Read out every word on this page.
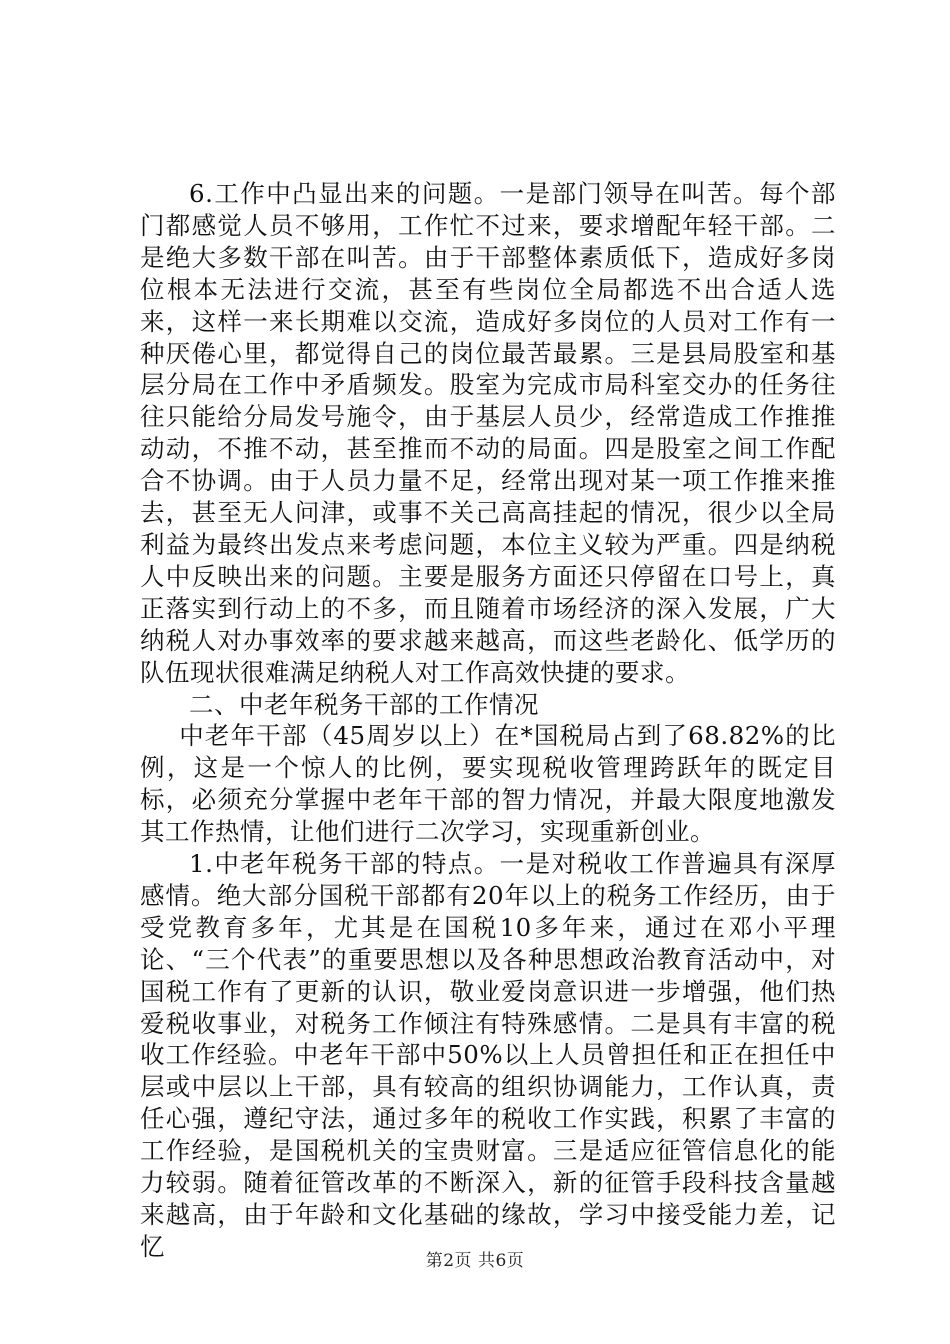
6.工作中凸显出来的问题。一是部门领导在叫苦。每个部门都感觉人员不够用，工作忙不过来，要求增配年轻干部。二是绝大多数干部在叫苦。由于干部整体素质低下，造成好多岗位根本无法进行交流，甚至有些岗位全局都选不出合适人选来，这样一来长期难以交流，造成好多岗位的人员对工作有一种厌倦心里，都觉得自己的岗位最苦最累。三是县局股室和基层分局在工作中矛盾频发。股室为完成市局科室交办的任务往往只能给分局发号施令，由于基层人员少，经常造成工作推推动动，不推不动，甚至推而不动的局面。四是股室之间工作配合不协调。由于人员力量不足，经常出现对某一项工作推来推去，甚至无人问津，或事不关己高高挂起的情况，很少以全局利益为最终出发点来考虑问题，本位主义较为严重。四是纳税人中反映出来的问题。主要是服务方面还只停留在口号上，真正落实到行动上的不多，而且随着市场经济的深入发展，广大纳税人对办事效率的要求越来越高，而这些老龄化、低学历的队伍现状很难满足纳税人对工作高效快捷的要求。

二、中老年税务干部的工作情况

中老年干部（45周岁以上）在*国税局占到了68.82%的比例，这是一个惊人的比例，要实现税收管理跨跃年的既定目标，必须充分掌握中老年干部的智力情况，并最大限度地激发其工作热情，让他们进行二次学习，实现重新创业。

1.中老年税务干部的特点。一是对税收工作普遍具有深厚感情。绝大部分国税干部都有20年以上的税务工作经历，由于受党教育多年，尤其是在国税10多年来，通过在邓小平理论、“三个代表”的重要思想以及各种思想政治教育活动中，对国税工作有了更新的认识，敬业爱岗意识进一步增强，他们热爱税收事业，对税务工作倾注有特殊感情。二是具有丰富的税收工作经验。中老年干部中50%以上人员曾担任和正在担任中层或中层以上干部，具有较高的组织协调能力，工作认真，责任心强，遵纪守法，通过多年的税收工作实践，积累了丰富的工作经验，是国税机关的宝贵财富。三是适应征管信息化的能力较弱。随着征管改革的不断深入，新的征管手段科技含量越来越高，由于年龄和文化基础的缘故，学习中接受能力差，记忆

第2页 共6页
